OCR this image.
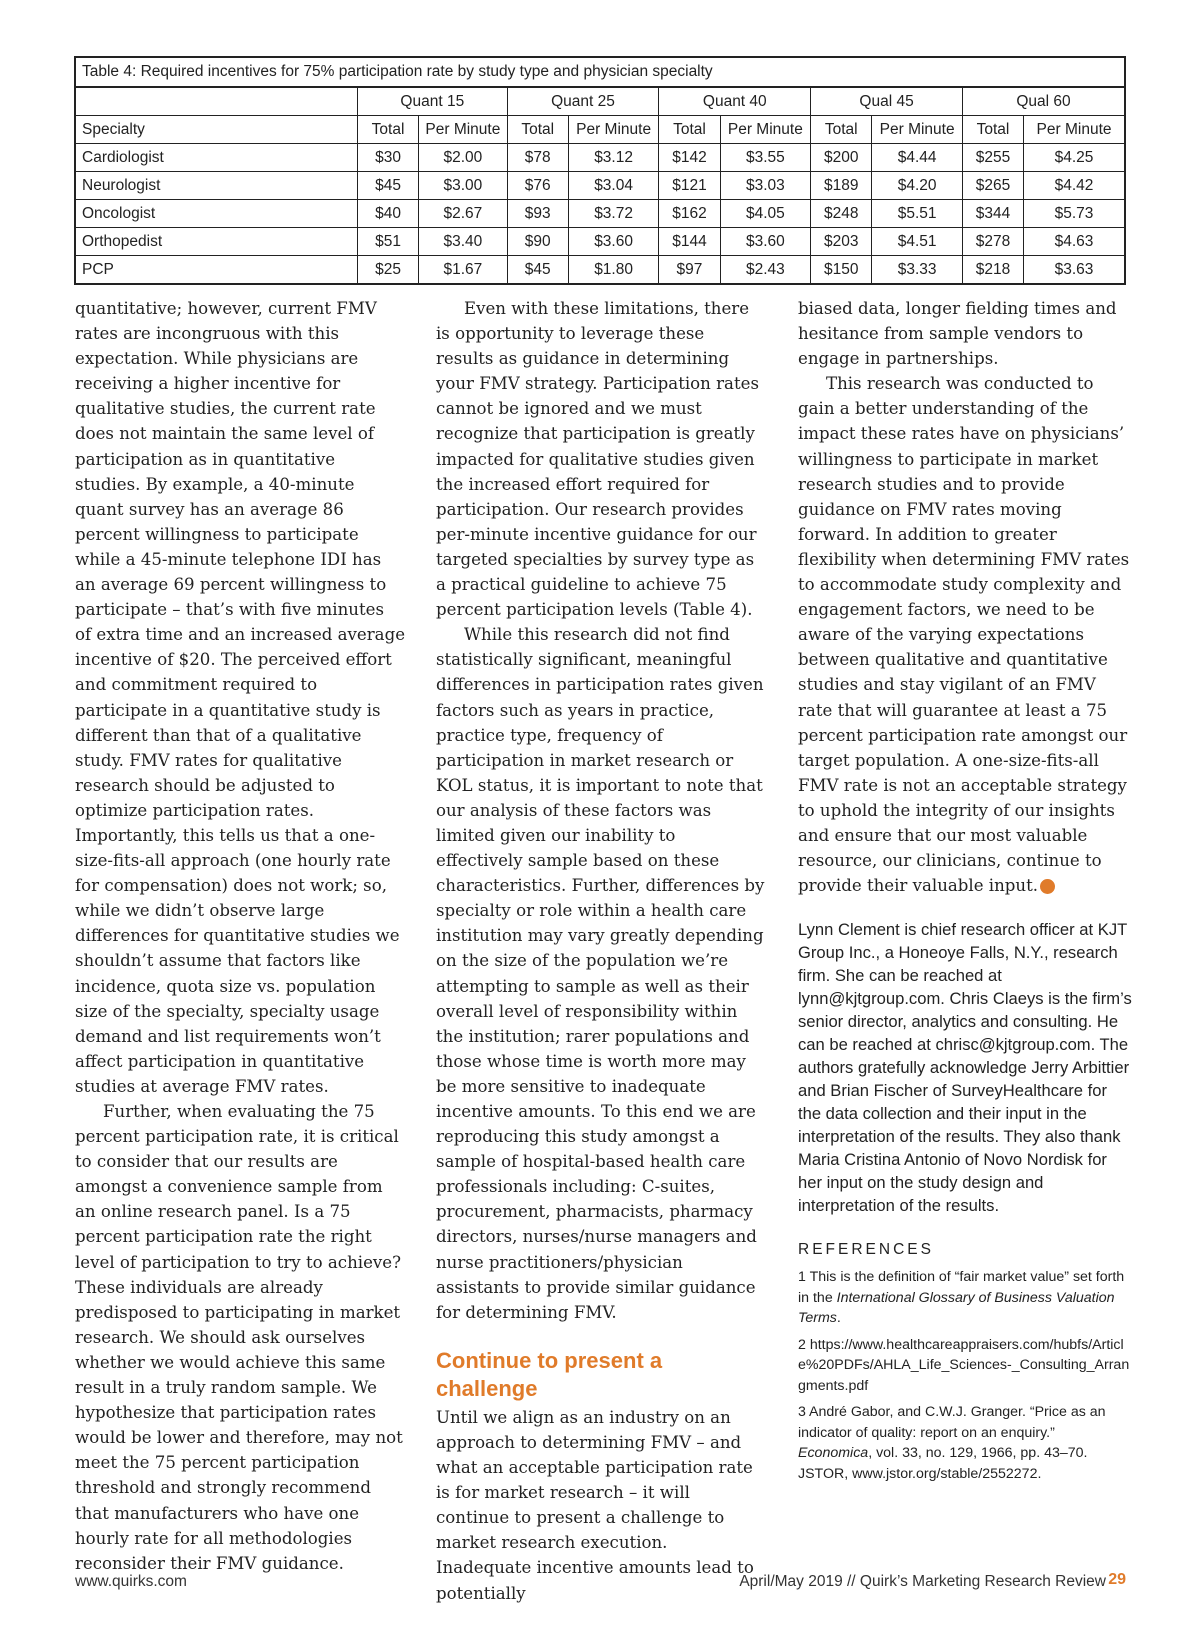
Table 4: Required incentives for 75% participation rate by study type and physician specialty										
	Quant 15		Quant 25		Quant 40		Qual 45		Qual 60	
Specialty	Total	Per Minute	Total	Per Minute	Total	Per Minute	Total	Per Minute	Total	Per Minute
Cardiologist	$30	$2.00	$78	$3.12	$142	$3.55	$200	$4.44	$255	$4.25
Neurologist	$45	$3.00	$76	$3.04	$121	$3.03	$189	$4.20	$265	$4.42
Oncologist	$40	$2.67	$93	$3.72	$162	$4.05	$248	$5.51	$344	$5.73
Orthopedist	$51	$3.40	$90	$3.60	$144	$3.60	$203	$4.51	$278	$4.63
PCP	$25	$1.67	$45	$1.80	$97	$2.43	$150	$3.33	$218	$3.63

quantitative; however, current FMV rates are incongruous with this expectation. While physicians are receiving a higher incentive for qualitative studies, the current rate does not maintain the same level of participation as in quantitative studies. By example, a 40-minute quant survey has an average 86 percent willingness to participate while a 45-minute telephone IDI has an average 69 percent willingness to participate – that’s with five minutes of extra time and an increased average incentive of $20. The perceived effort and commitment required to participate in a quantitative study is different than that of a qualitative study. FMV rates for qualitative research should be adjusted to optimize participation rates. Importantly, this tells us that a one-size-fits-all approach (one hourly rate for compensation) does not work; so, while we didn’t observe large differences for quantitative studies we shouldn’t assume that factors like incidence, quota size vs. population size of the specialty, specialty usage demand and list requirements won’t affect participation in quantitative studies at average FMV rates.

Further, when evaluating the 75 percent participation rate, it is critical to consider that our results are amongst a convenience sample from an online research panel. Is a 75 percent participation rate the right level of participation to try to achieve? These individuals are already predisposed to participating in market research. We should ask ourselves whether we would achieve this same result in a truly random sample. We hypothesize that participation rates would be lower and therefore, may not meet the 75 percent participation threshold and strongly recommend that manufacturers who have one hourly rate for all methodologies reconsider their FMV guidance.

Even with these limitations, there is opportunity to leverage these results as guidance in determining your FMV strategy. Participation rates cannot be ignored and we must recognize that participation is greatly impacted for qualitative studies given the increased effort required for participation. Our research provides per-minute incentive guidance for our targeted specialties by survey type as a practical guideline to achieve 75 percent participation levels (Table 4).

While this research did not find statistically significant, meaningful differences in participation rates given factors such as years in practice, practice type, frequency of participation in market research or KOL status, it is important to note that our analysis of these factors was limited given our inability to effectively sample based on these characteristics. Further, differences by specialty or role within a health care institution may vary greatly depending on the size of the population we’re attempting to sample as well as their overall level of responsibility within the institution; rarer populations and those whose time is worth more may be more sensitive to inadequate incentive amounts. To this end we are reproducing this study amongst a sample of hospital-based health care professionals including: C-suites, procurement, pharmacists, pharmacy directors, nurses/nurse managers and nurse practitioners/physician assistants to provide similar guidance for determining FMV.

Continue to present a challenge

Until we align as an industry on an approach to determining FMV – and what an acceptable participation rate is for market research – it will continue to present a challenge to market research execution. Inadequate incentive amounts lead to potentially

biased data, longer fielding times and hesitance from sample vendors to engage in partnerships.

This research was conducted to gain a better understanding of the impact these rates have on physicians’ willingness to participate in market research studies and to provide guidance on FMV rates moving forward. In addition to greater flexibility when determining FMV rates to accommodate study complexity and engagement factors, we need to be aware of the varying expectations between qualitative and quantitative studies and stay vigilant of an FMV rate that will guarantee at least a 75 percent participation rate amongst our target population. A one-size-fits-all FMV rate is not an acceptable strategy to uphold the integrity of our insights and ensure that our most valuable resource, our clinicians, continue to provide their valuable input.	Q

Lynn Clement is chief research officer at KJT Group Inc., a Honeoye Falls, N.Y., research firm. She can be reached at lynn@kjtgroup.com. Chris Claeys is the firm’s senior director, analytics and consulting. He can be reached at chrisc@kjtgroup.com. The authors gratefully acknowledge Jerry Arbittier and Brian Fischer of SurveyHealthcare for the data collection and their input in the interpretation of the results. They also thank Maria Cristina Antonio of Novo Nordisk for her input on the study design and interpretation of the results.

REFERENCES

1 This is the definition of “fair market value” set forth in the International Glossary of Business Valuation Terms.

2 https://www.healthcareappraisers.com/hubfs/Article%20PDFs/AHLA_Life_Sciences-_Consulting_Arrangments.pdf

3 André Gabor, and C.W.J. Granger. “Price as an indicator of quality: report on an enquiry.” Economica, vol. 33, no. 129, 1966, pp. 43–70. JSTOR, www.jstor.org/stable/2552272.

www.quirks.com	April/May 2019 // Quirk’s Marketing Research Review 29
